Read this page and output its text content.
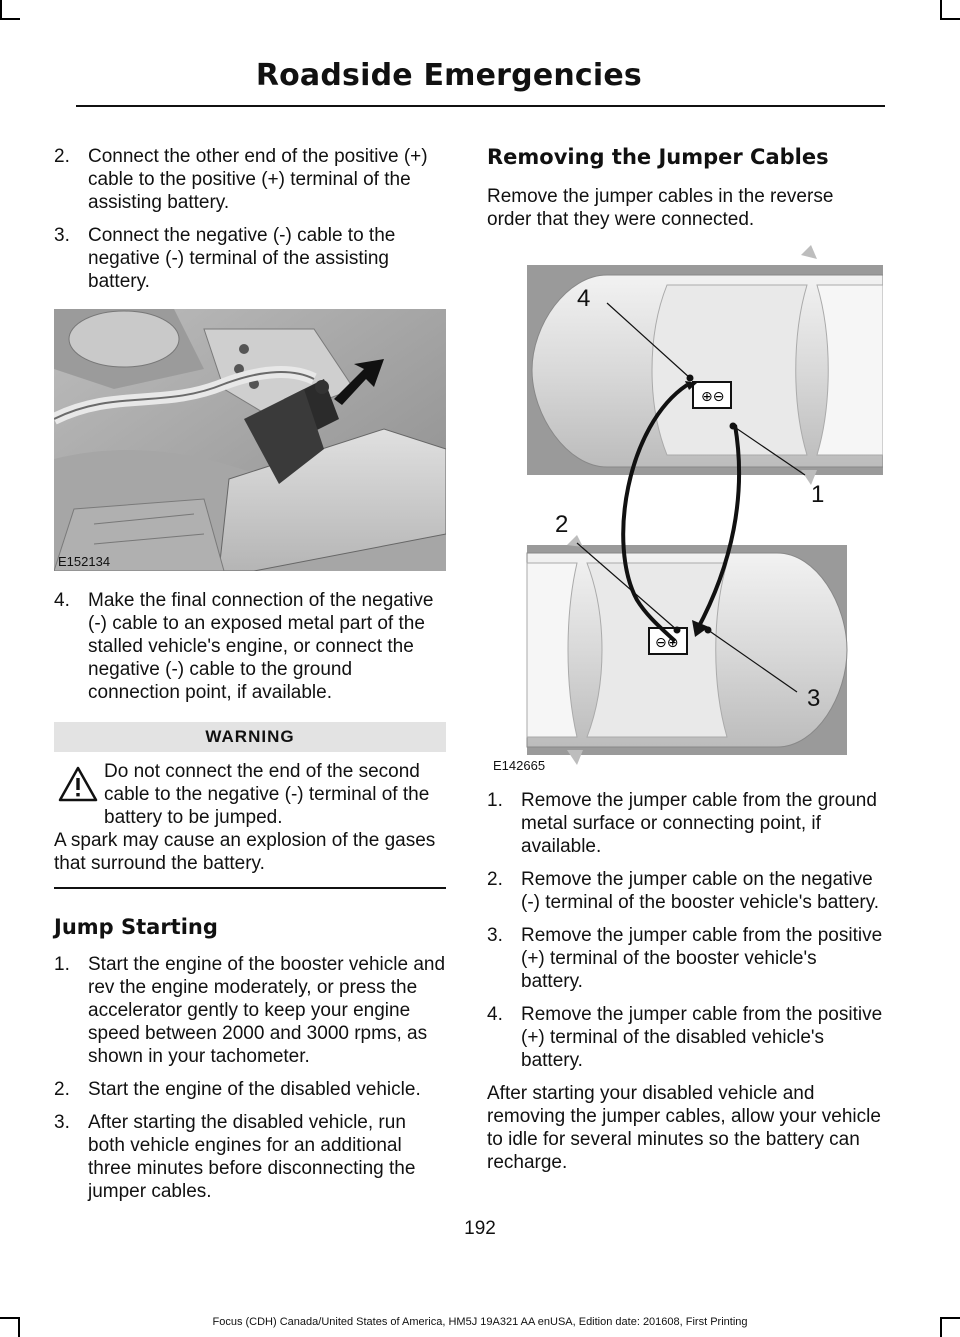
Roadside Emergencies
2. Connect the other end of the positive (+) cable to the positive (+) terminal of the assisting battery.
3. Connect the negative (-) cable to the negative (-) terminal of the assisting battery.
E152134
4. Make the final connection of the negative (-) cable to an exposed metal part of the stalled vehicle's engine, or connect the negative (-) cable to the ground connection point, if available.
WARNING
Do not connect the end of the second cable to the negative (-) terminal of the battery to be jumped.
A spark may cause an explosion of the gases that surround the battery.
Jump Starting
1. Start the engine of the booster vehicle and rev the engine moderately, or press the accelerator gently to keep your engine speed between 2000 and 3000 rpms, as shown in your tachometer.
2. Start the engine of the disabled vehicle.
3. After starting the disabled vehicle, run both vehicle engines for an additional three minutes before disconnecting the jumper cables.
Removing the Jumper Cables

Remove the jumper cables in the reverse order that they were connected.

⊕⊖
⊖⊕
4
1
2
3
E142665
1. Remove the jumper cable from the ground metal surface or connecting point, if available.
2. Remove the jumper cable on the negative (-) terminal of the booster vehicle's battery.
3. Remove the jumper cable from the positive (+) terminal of the booster vehicle's battery.
4. Remove the jumper cable from the positive (+) terminal of the disabled vehicle's battery.

After starting your disabled vehicle and removing the jumper cables, allow your vehicle to idle for several minutes so the battery can recharge.

192
Focus (CDH) Canada/United States of America, HM5J 19A321 AA enUSA, Edition date: 201608, First Printing
